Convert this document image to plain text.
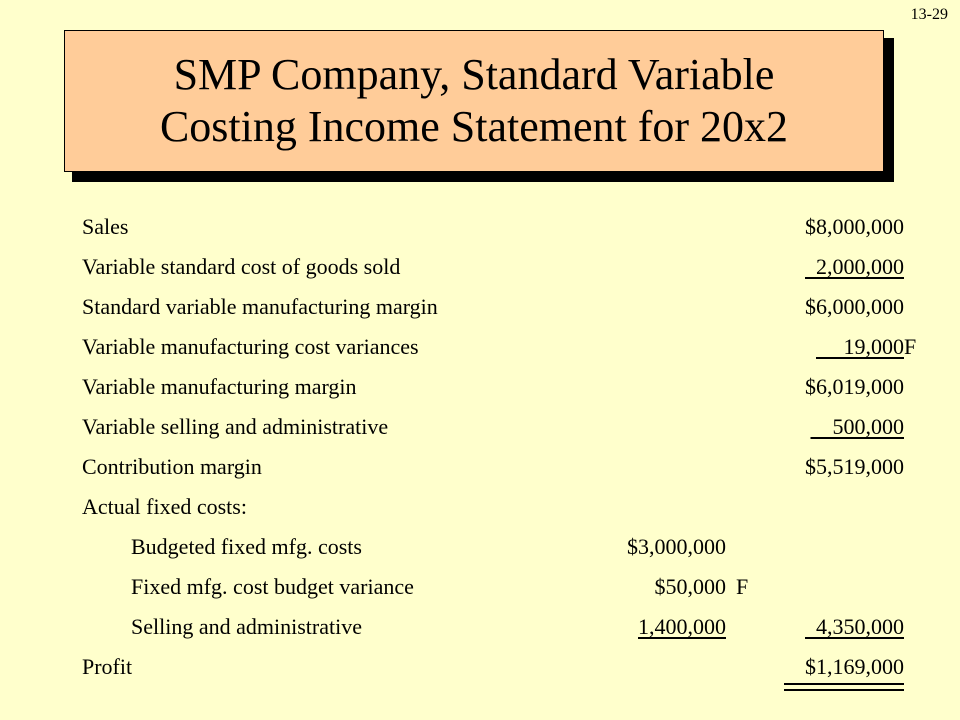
13-29
SMP Company, Standard Variable
Costing Income Statement for 20x2
Sales	$8,000,000
Variable standard cost of goods sold	2,000,000
Standard variable manufacturing margin	$6,000,000
Variable manufacturing cost variances	19,000 F
Variable manufacturing margin	$6,019,000
Variable selling and administrative	500,000
Contribution margin	$5,519,000
Actual fixed costs:
Budgeted fixed mfg. costs	$3,000,000
Fixed mfg. cost budget variance	$50,000 F
Selling and administrative	1,400,000	4,350,000
Profit	$1,169,000
